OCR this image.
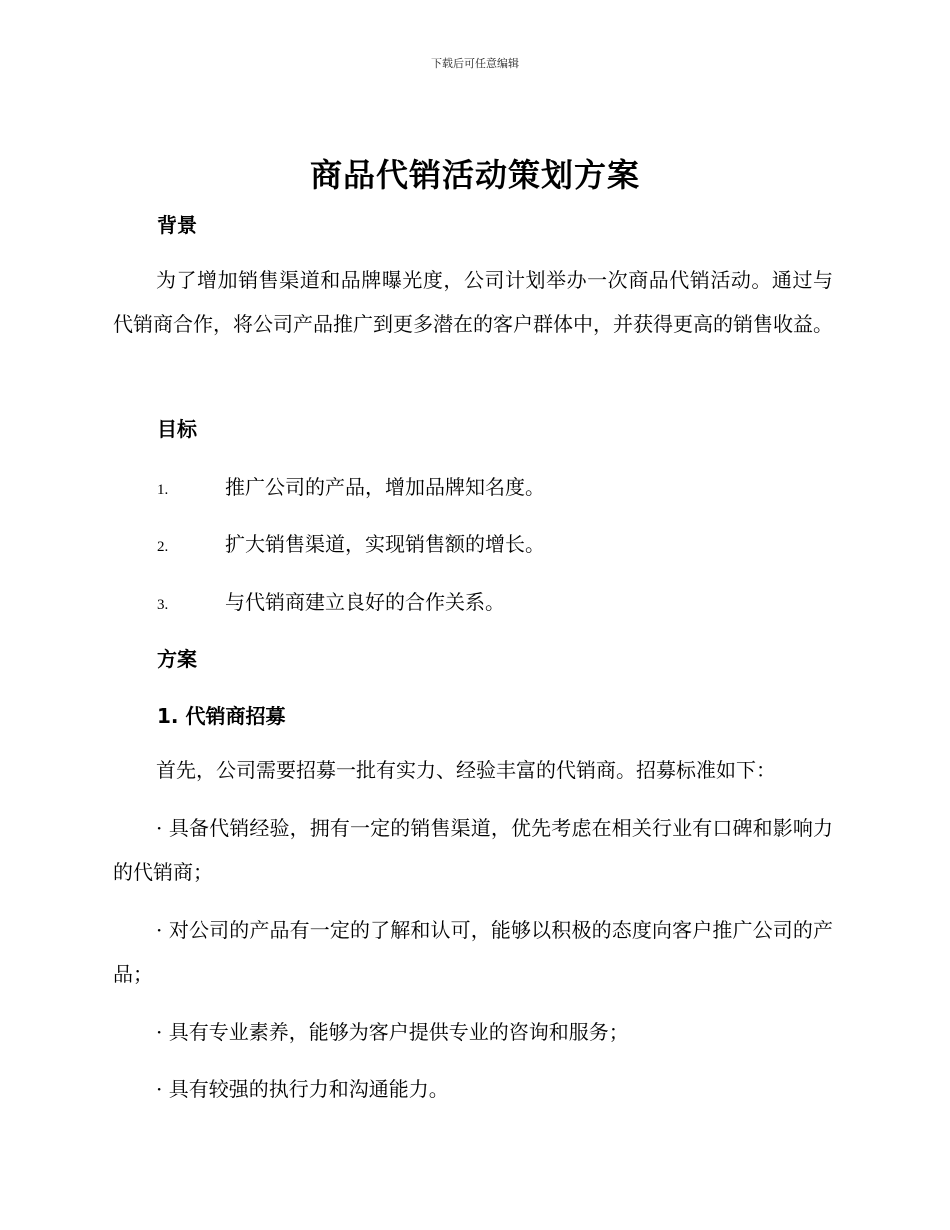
下载后可任意编辑
商品代销活动策划方案
背景
为了增加销售渠道和品牌曝光度，公司计划举办一次商品代销活动。通过与代销商合作，将公司产品推广到更多潜在的客户群体中，并获得更高的销售收益。
目标
1.	推广公司的产品，增加品牌知名度。
2.	扩大销售渠道，实现销售额的增长。
3.	与代销商建立良好的合作关系。
方案
1. 代销商招募
首先，公司需要招募一批有实力、经验丰富的代销商。招募标准如下：
· 具备代销经验，拥有一定的销售渠道，优先考虑在相关行业有口碑和影响力的代销商；
· 对公司的产品有一定的了解和认可，能够以积极的态度向客户推广公司的产品；
· 具有专业素养，能够为客户提供专业的咨询和服务；
· 具有较强的执行力和沟通能力。
